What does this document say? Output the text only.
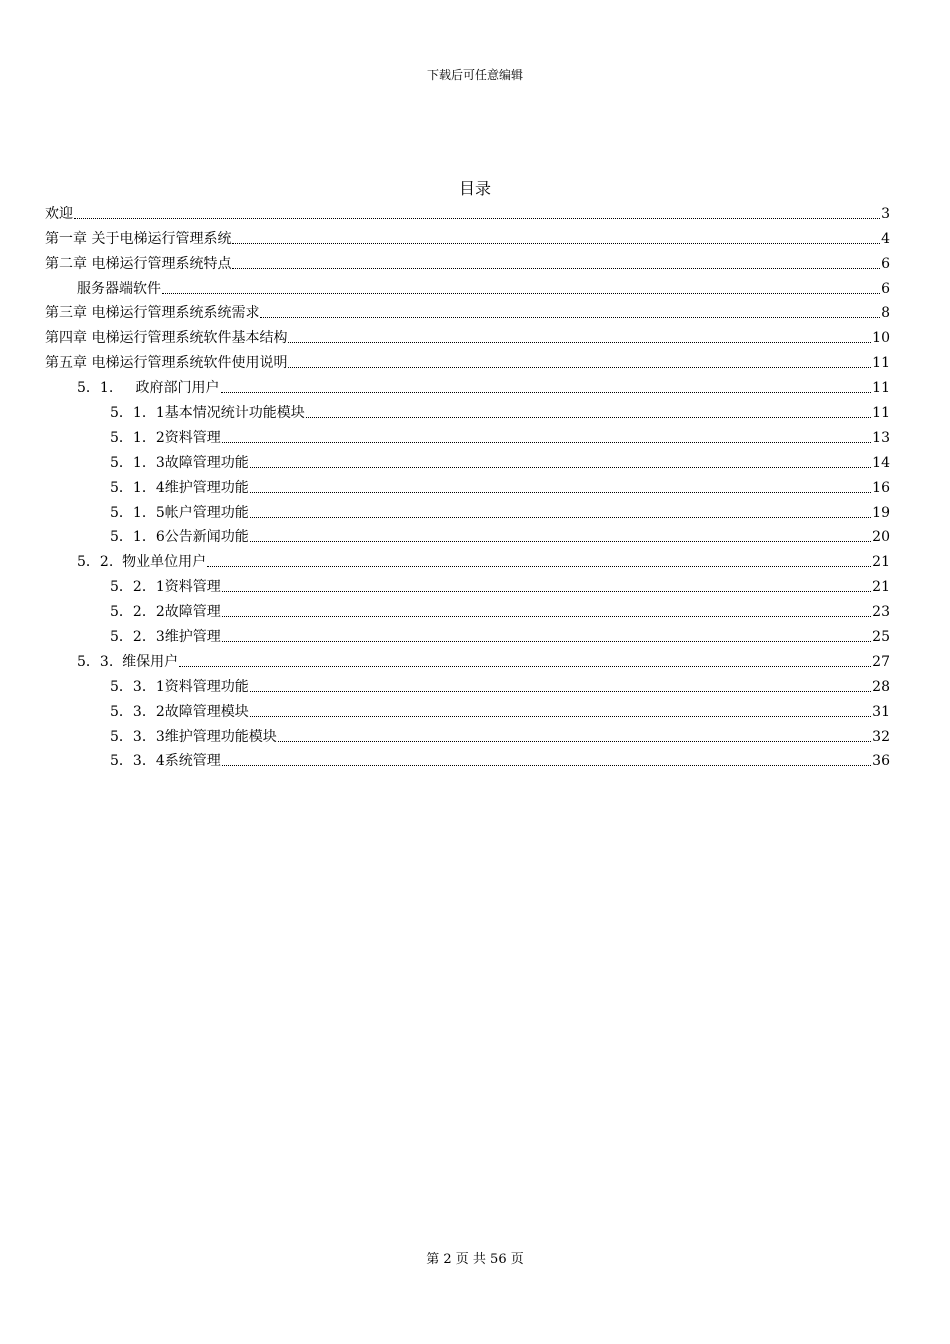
下载后可任意编辑
目录
欢迎	3
第一章 关于电梯运行管理系统	4
第二章 电梯运行管理系统特点	6
服务器端软件	6
第三章 电梯运行管理系统系统需求	8
第四章 电梯运行管理系统软件基本结构	10
第五章 电梯运行管理系统软件使用说明	11
5．1.     政府部门用户	11
5．1．1基本情况统计功能模块	11
5．1．2资料管理	13
5．1．3故障管理功能	14
5．1．4维护管理功能	16
5．1．5帐户管理功能	19
5．1．6公告新闻功能	20
5．2.  物业单位用户	21
5．2．1资料管理	21
5．2．2故障管理	23
5．2．3维护管理	25
5．3.  维保用户	27
5．3．1资料管理功能	28
5．3．2故障管理模块	31
5．3．3维护管理功能模块	32
5．3．4系统管理	36
第 2 页 共 56 页
